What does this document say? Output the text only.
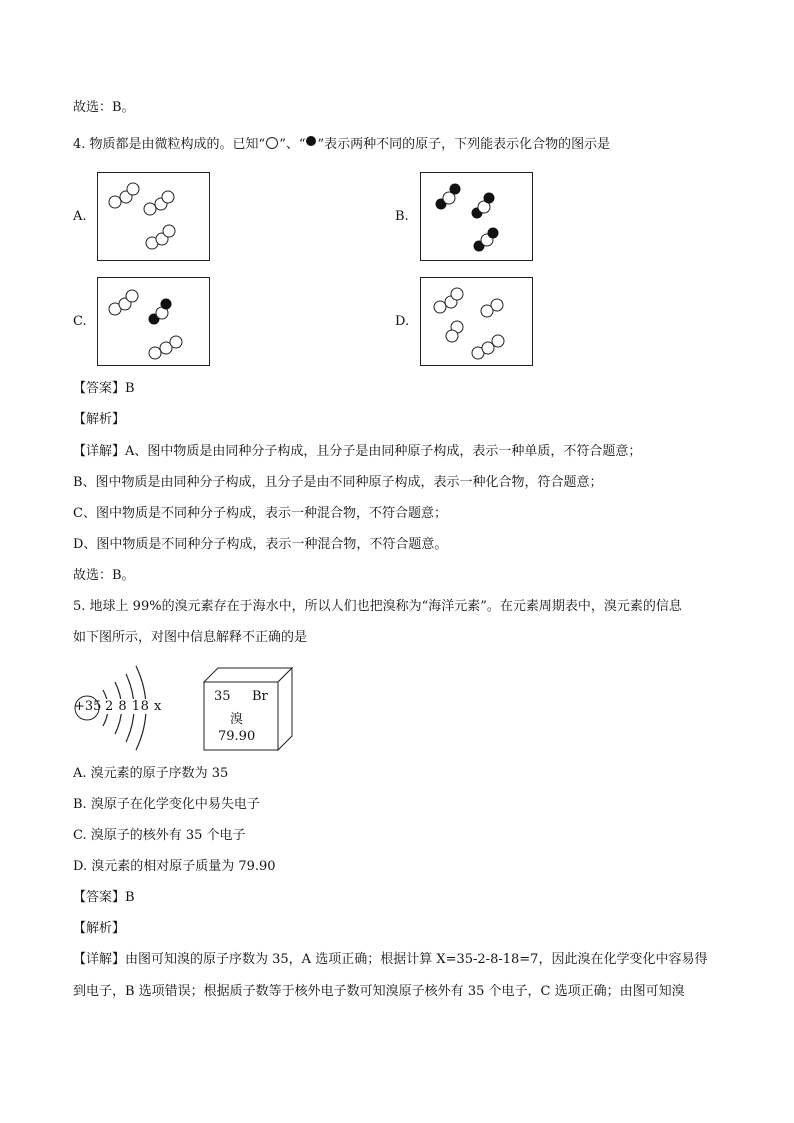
故选：B。
4. 物质都是由微粒构成的。已知“ ”、“ ”表示两种不同的原子，下列能表示化合物的图示是
A.	B.
C.	D.
【答案】B
【解析】
【详解】A、图中物质是由同种分子构成，且分子是由同种原子构成，表示一种单质，不符合题意；
B、图中物质是由同种分子构成，且分子是由不同种原子构成，表示一种化合物，符合题意；
C、图中物质是不同种分子构成，表示一种混合物，不符合题意；
D、图中物质是不同种分子构成，表示一种混合物，不符合题意。
故选：B。
5. 地球上 99%的溴元素存在于海水中，所以人们也把溴称为“海洋元素”。在元素周期表中，溴元素的信息
如下图所示，对图中信息解释不正确的是
+35 2 8 18 x
35 Br
溴
79.90
A. 溴元素的原子序数为 35
B. 溴原子在化学变化中易失电子
C. 溴原子的核外有 35 个电子
D. 溴元素的相对原子质量为 79.90
【答案】B
【解析】
【详解】由图可知溴的原子序数为 35，A 选项正确；根据计算 X=35-2-8-18=7，因此溴在化学变化中容易得
到电子，B 选项错误；根据质子数等于核外电子数可知溴原子核外有 35 个电子，C 选项正确；由图可知溴
